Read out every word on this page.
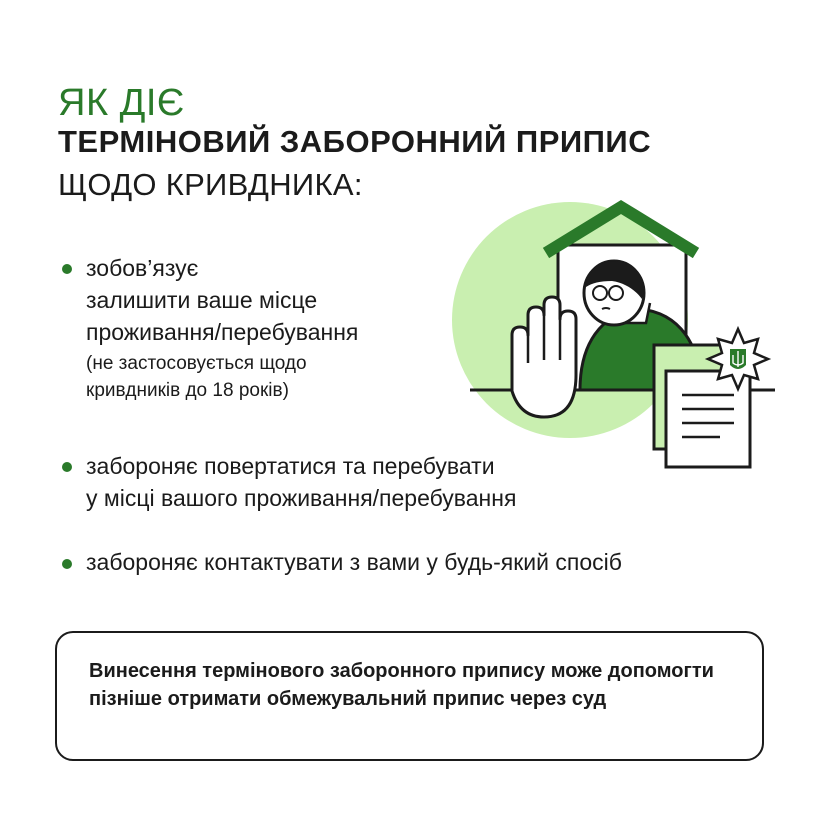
ЯК ДІЄ
ТЕРМІНОВИЙ ЗАБОРОННИЙ ПРИПИС
ЩОДО КРИВДНИКА:
зобов’язує
залишити ваше місце
проживання/перебування
(не застосовується щодо
кривдників до 18 років)
забороняє повертатися та перебувати
у місці вашого проживання/перебування
забороняє контактувати з вами у будь-який спосіб
Винесення термінового заборонного припису може допомогти пізніше отримати обмежувальний припис через суд
